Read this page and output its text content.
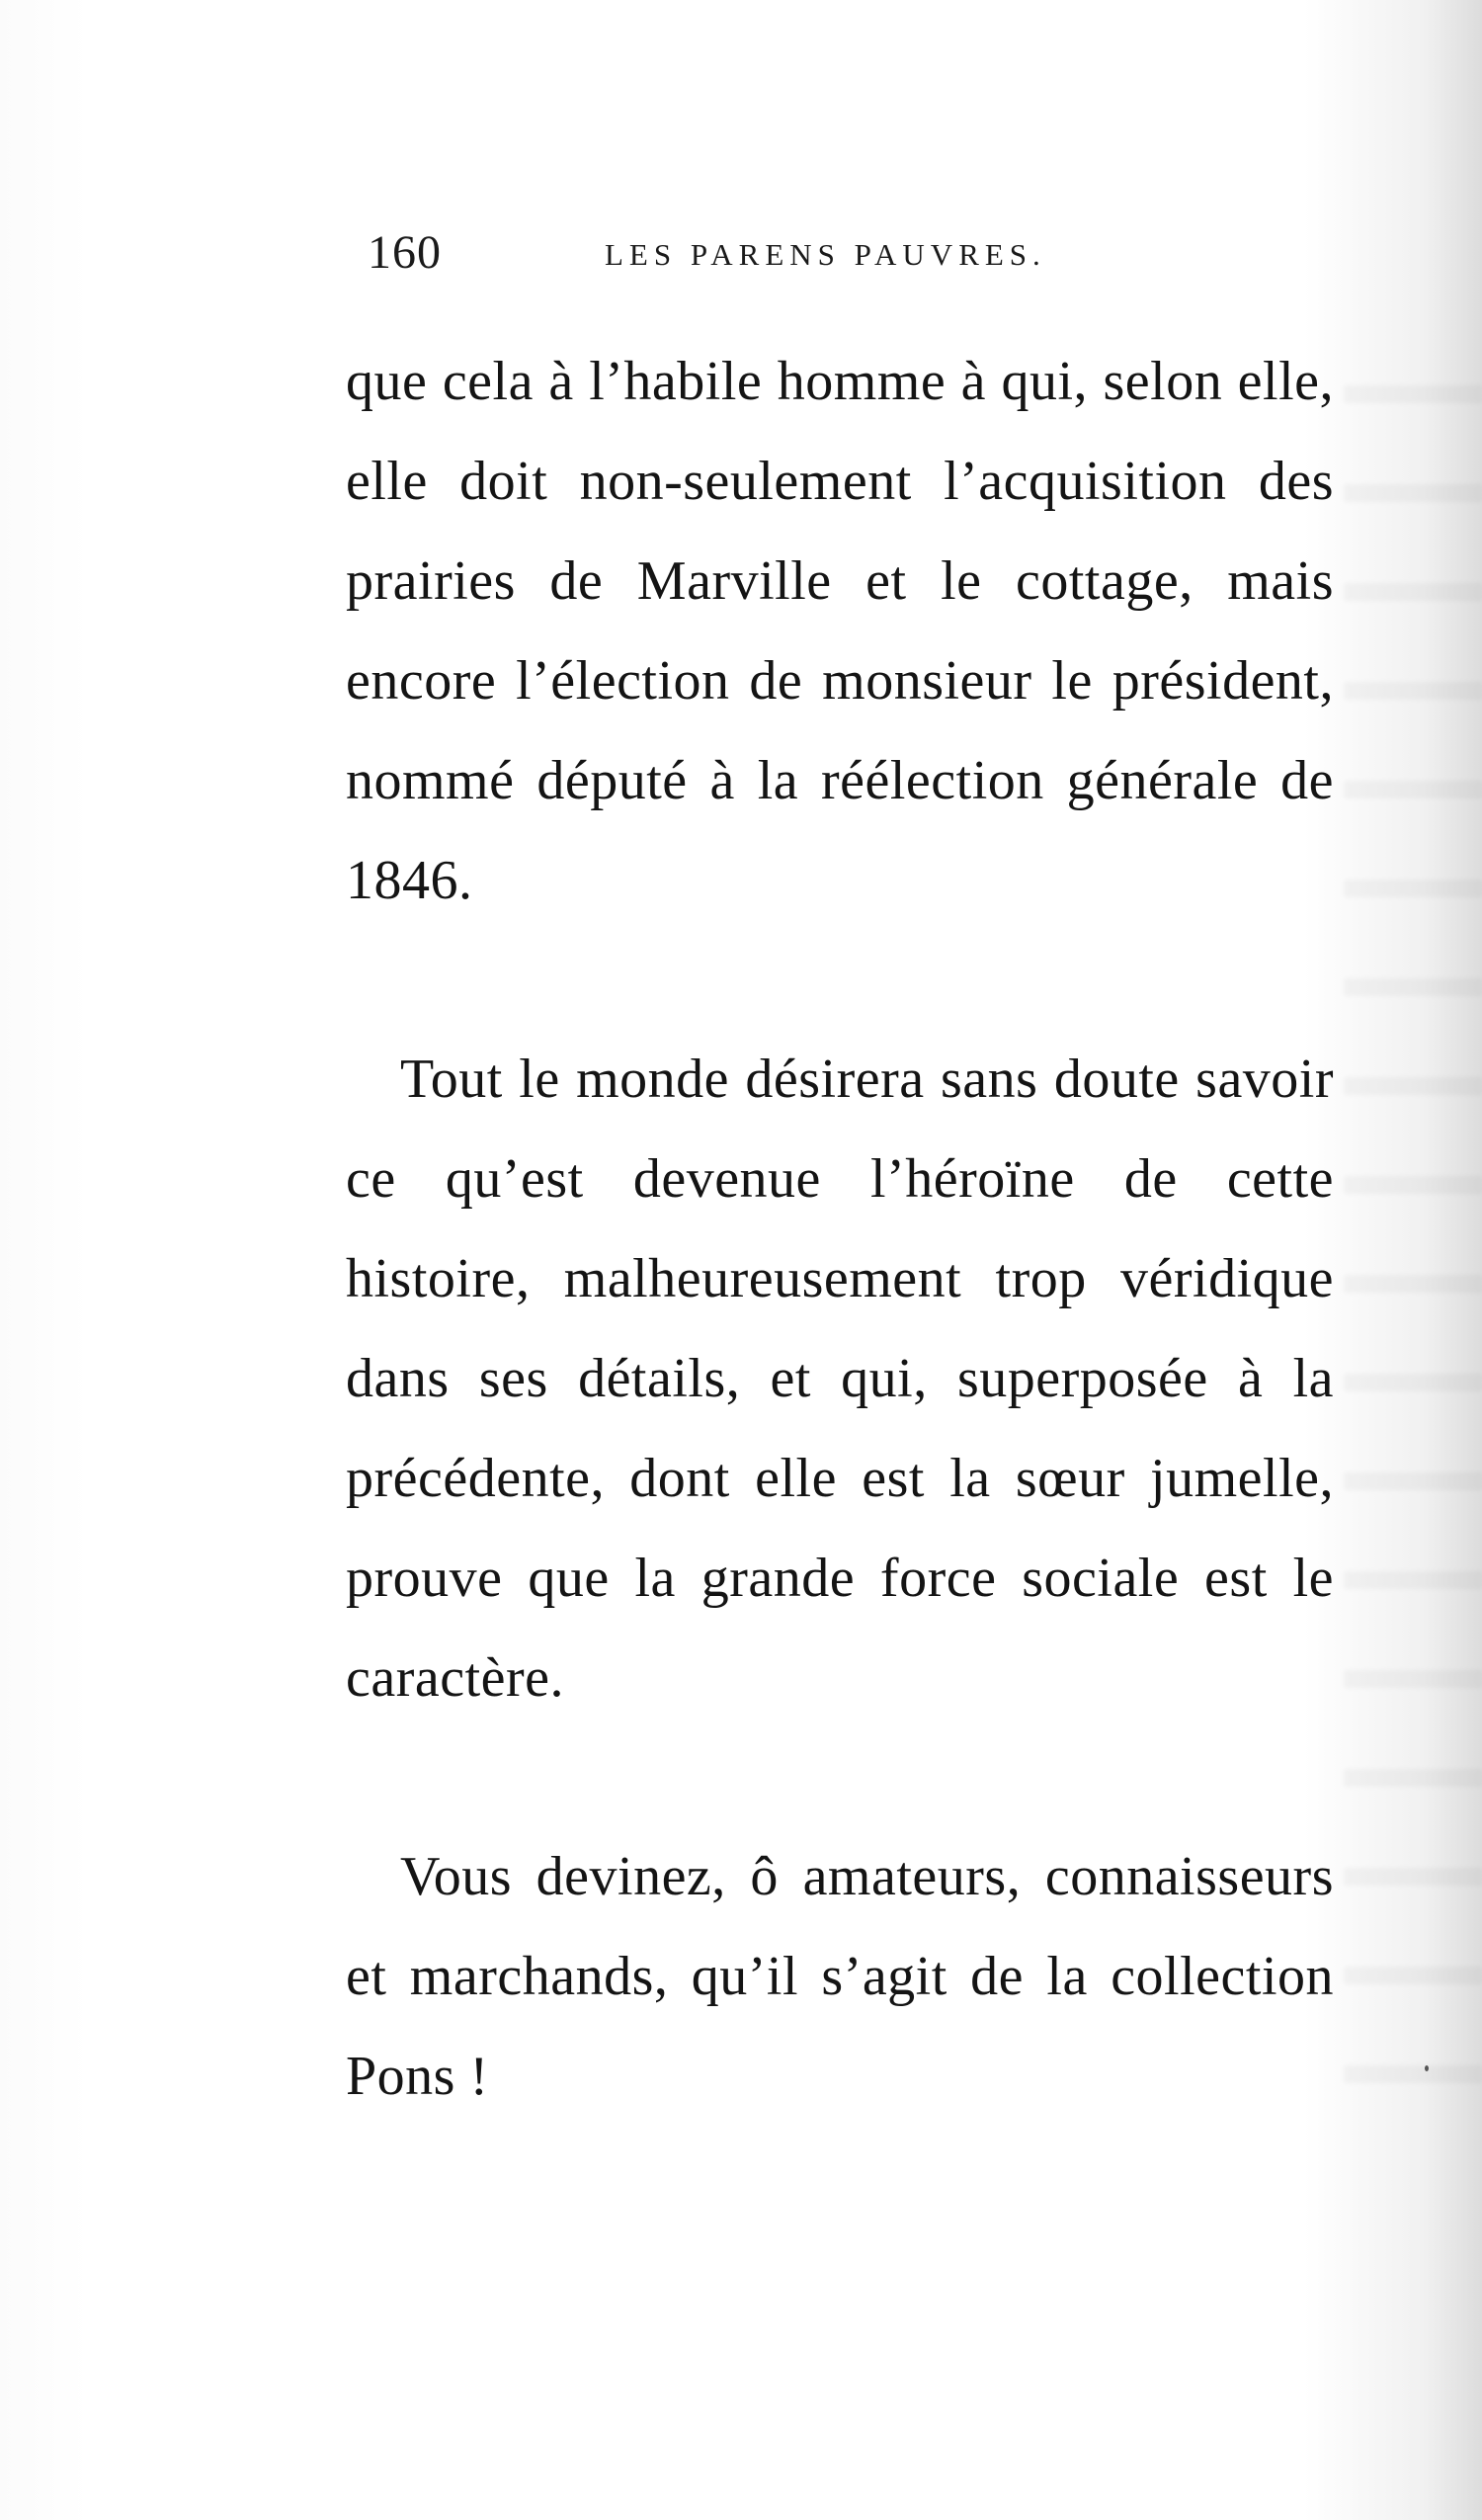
160	LES PARENS PAUVRES.

que cela à l’habile homme à qui, selon elle, elle doit non-seulement l’acquisition des prairies de Marville et le cottage, mais encore l’élection de monsieur le président, nommé député à la réélection générale de 1846.

Tout le monde désirera sans doute savoir ce qu’est devenue l’héroïne de cette histoire, malheureusement trop véridique dans ses détails, et qui, superposée à la précédente, dont elle est la sœur jumelle, prouve que la grande force sociale est le caractère.

Vous devinez, ô amateurs, connaisseurs et marchands, qu’il s’agit de la collection Pons !
